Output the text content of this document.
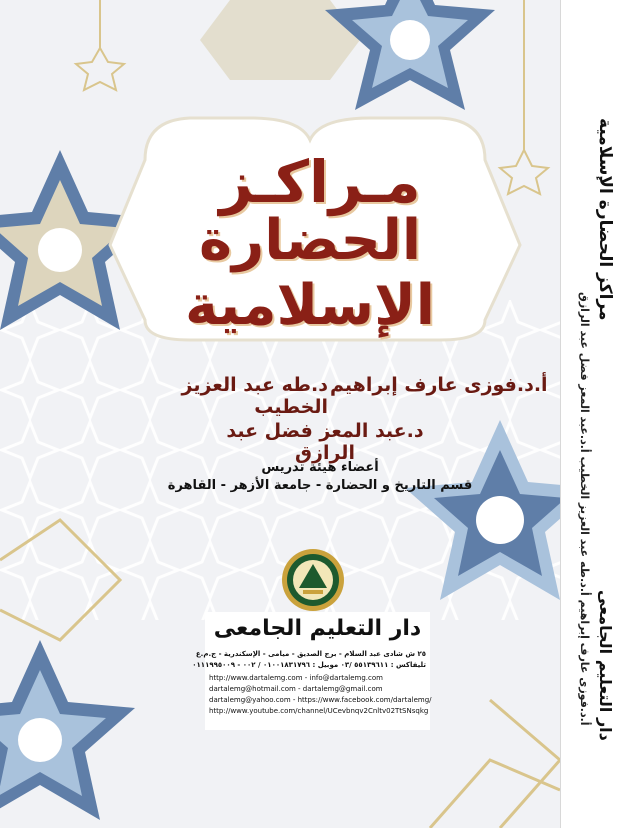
مراكز الحضارة الإسلامية
أ.د.فوزى عارف إبراهيم أ.د.طه عبد العزيز الخطيب أ.د.عبد المعز فضل عبد الرازق دار التعليم الجامعى
مـراكـز
الحضارة الإسلامية
أ.د.فوزى عارف إبراهيم
د.طه عبد العزيز الخطيب
د.عبد المعز فضل عبد الرازق
أعضاء هيئة تدريس
قسم التاريخ و الحضارة - جامعة الأزهر - القاهرة
دار التعليم الجامعى
٢٥ ش شادى عبد السلام - برج الصديق - ميامى - الإسكندرية - ج.م.ع
تليفاكس : ٥٥١٣٩٦١١ /٠٣ موبيل : ٠١٠٠١٨٣١٧٩٦ / ٠٠٢ - ٠١١١٩٩٥٠٠٩
http://www.dartalemg.com - info@dartalemg.com
dartalemg@hotmail.com - dartalemg@gmail.com
dartalemg@yahoo.com - https://www.facebook.com/dartalemg/
http://www.youtube.com/channel/UCevbnqv2Cnltv02TtSNsqkg
